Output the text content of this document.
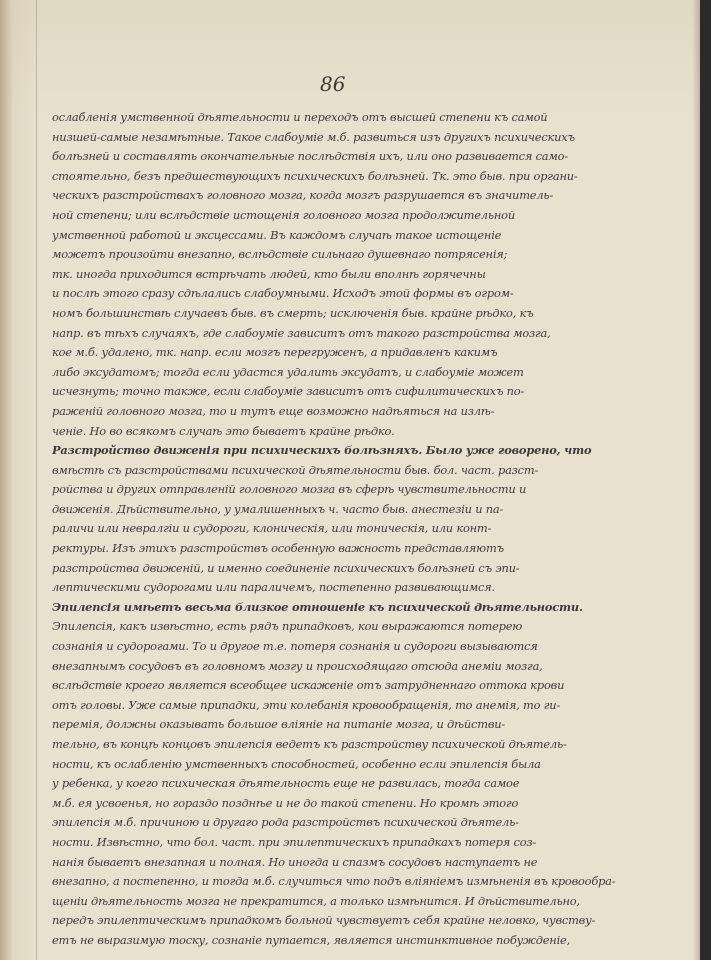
86
ослабленія умственной дѣятельности и переходъ отъ высшей степени къ самой
низшей-самые незамѣтные. Такое слабоуміе м.б. развиться изъ другихъ психическихъ
болѣзней и составлять окончательные послѣдствія ихъ, или оно развивается само-
стоятельно, безъ предшествующихъ психическихъ болѣзней. Тк. это быв. при органи-
ческихъ разстройствахъ головного мозга, когда мозгъ разрушается въ значитель-
ной степени; или вслѣдствіе истощенія головного мозга продолжительной
умственной работой и эксцессами. Въ каждомъ случаѣ такое истощеніе
можетъ произойти внезапно, вслѣдствіе сильнаго душевнаго потрясенія;
тк. иногда приходится встрѣчать людей, кто были вполнѣ горячечны
и послѣ этого сразу сдѣлались слабоумными. Исходъ этой формы въ огром-
номъ большинствѣ случаевъ быв. въ смерть; исключенія быв. крайне рѣдко, къ
напр. въ тѣхъ случаяхъ, где слабоуміе зависитъ отъ такого разстройства мозга,
кое м.б. удалено, тк. напр. если мозгъ перегруженъ, а придавленъ какимъ
либо эксудатомъ; тогда если удастся удалить эксудатъ, и слабоуміе может
исчезнуть; точно также, если слабоуміе зависитъ отъ сифилитическихъ по-
раженій головного мозга, то и тутъ еще возможно надѣяться на излѣ-
ченіе. Но во всякомъ случаѣ это бываетъ крайне рѣдко.
Разстройство движенія при психическихъ болѣзняхъ. Было уже говорено, что
вмѣстѣ съ разстройствами психической дѣятельности быв. бол. част. разст-
ройства и других отправленій головного мозга въ сферѣ чувствительности и
движенія. Дѣйствительно, у умалишенныхъ ч. часто быв. анестезіи и па-
раличи или невралгіи и судороги, клоническія, или тоническія, или конт-
ректуры. Изъ этихъ разстройствъ особенную важность представляютъ
разстройства движеній, и именно соединеніе психическихъ болѣзней съ эпи-
лептическими судорогами или параличемъ, постепенно развивающимся.
Эпилепсія имѣетъ весьма близкое отношеніе къ психической дѣятельности.
Эпилепсія, какъ извѣстно, есть рядъ припадковъ, кои выражаются потерею
сознанія и судорогами. То и другое т.е. потеря сознанія и судороги вызываются
внезапнымъ сосудовъ въ головномъ мозгу и происходящаго отсюда анеміи мозга,
вслѣдствіе кроего является всеобщее искаженіе отъ затрудненнаго оттока крови
отъ головы. Уже самые припадки, эти колебанія кровообращенія, то анемія, то ги-
перемія, должны оказывать большое вліяніе на питаніе мозга, и дѣйстви-
тельно, въ концѣ концовъ эпилепсія ведетъ къ разстройству психической дѣятель-
ности, къ ослабленію умственныхъ способностей, особенно если эпилепсія была
у ребенка, у коего психическая дѣятельность еще не развилась, тогда самое
м.б. ея усвоенья, но гораздо позднѣе и не до такой степени. Но кромѣ этого
эпилепсія м.б. причиною и другаго рода разстройствъ психической дѣятель-
ности. Извѣстно, что бол. част. при эпилептическихъ припадкахъ потеря соз-
нанія бываетъ внезапная и полная. Но иногда и спазмъ сосудовъ наступаетъ не
внезапно, а постепенно, и тогда м.б. случиться что подъ вліяніемъ измѣненія въ кровообра-
щеніи дѣятельность мозга не прекратится, а только измѣнится. И дѣйствительно,
передъ эпилептическимъ припадкомъ больной чувствуетъ себя крайне неловко, чувству-
етъ не выразимую тоску, сознаніе путается, является инстинктивное побужденіе,
